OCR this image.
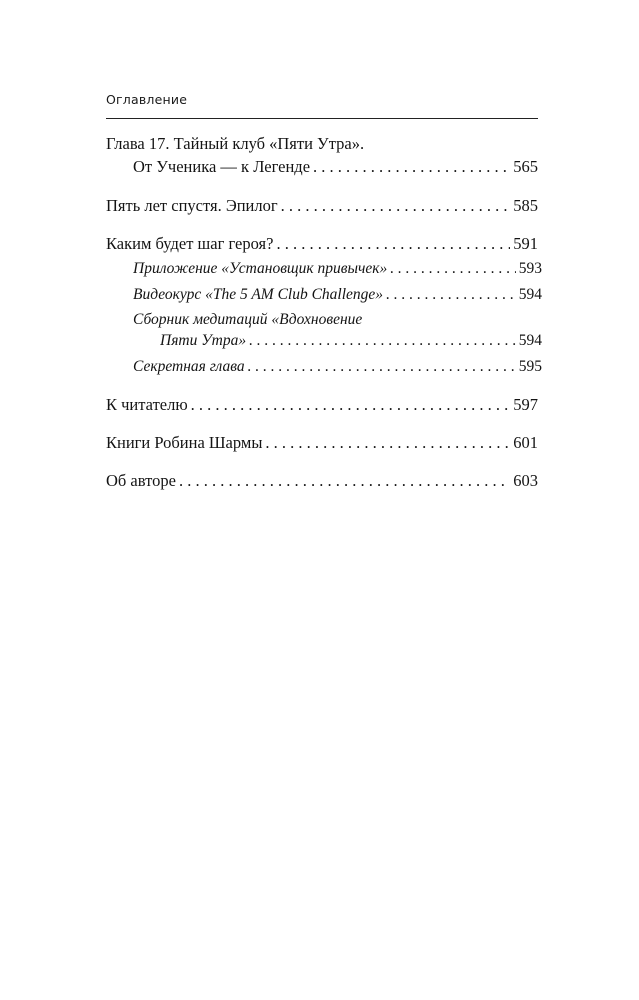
Оглавление
Глава 17. Тайный клуб «Пяти Утра».
От Ученика — к Легенде . . .	565
Пять лет спустя. Эпилог . . .	585
Каким будет шаг героя? . . .	591
Приложение «Установщик привычек» . . .	593
Видеокурс «The 5 AM Club Challenge» . . .	594
Сборник медитаций «Вдохновение
Пяти Утра» . . .	594
Секретная глава . . .	595
К читателю . . .	597
Книги Робина Шармы . . .	601
Об авторе . . .	603
